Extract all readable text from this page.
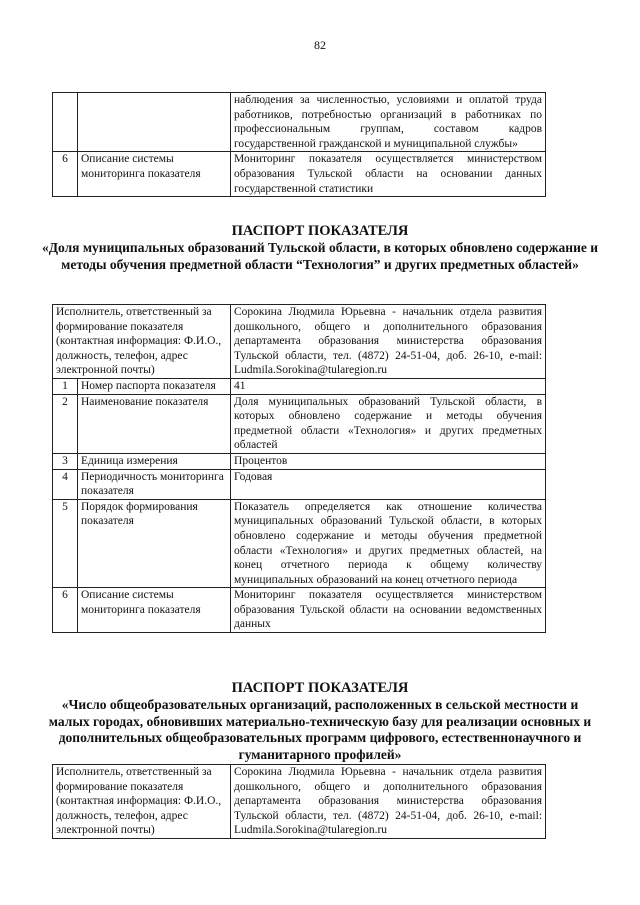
82
		наблюдения за численностью, условиями и оплатой труда работников, потребностью организаций в работниках по профессиональным группам, составом кадров государственной гражданской и муниципальной службы»
6	Описание системы мониторинга показателя	Мониторинг показателя осуществляется министерством образования Тульской области на основании данных государственной статистики
ПАСПОРТ ПОКАЗАТЕЛЯ
«Доля муниципальных образований Тульской области, в которых обновлено содержание и методы обучения предметной области “Технология” и других предметных областей»
Исполнитель, ответственный за формирование показателя (контактная информация: Ф.И.О., должность, телефон, адрес электронной почты)		Сорокина Людмила Юрьевна - начальник отдела развития дошкольного, общего и дополнительного образования департамента образования министерства образования Тульской области, тел. (4872) 24-51-04, доб. 26-10, e-mail: Ludmila.Sorokina@tularegion.ru
1	Номер паспорта показателя	41
2	Наименование показателя	Доля муниципальных образований Тульской области, в которых обновлено содержание и методы обучения предметной области «Технология» и других предметных областей
3	Единица измерения	Процентов
4	Периодичность мониторинга показателя	Годовая
5	Порядок формирования показателя	Показатель определяется как отношение количества муниципальных образований Тульской области, в которых обновлено содержание и методы обучения предметной области «Технология» и других предметных областей, на конец отчетного периода к общему количеству муниципальных образований на конец отчетного периода
6	Описание системы мониторинга показателя	Мониторинг показателя осуществляется министерством образования Тульской области на основании ведомственных данных
ПАСПОРТ ПОКАЗАТЕЛЯ
«Число общеобразовательных организаций, расположенных в сельской местности и малых городах, обновивших материально-техническую базу для реализации основных и дополнительных общеобразовательных программ цифрового, естественнонаучного и гуманитарного профилей»
Исполнитель, ответственный за формирование показателя (контактная информация: Ф.И.О., должность, телефон, адрес электронной почты)	Сорокина Людмила Юрьевна - начальник отдела развития дошкольного, общего и дополнительного образования департамента образования министерства образования Тульской области, тел. (4872) 24-51-04, доб. 26-10, e-mail: Ludmila.Sorokina@tularegion.ru
